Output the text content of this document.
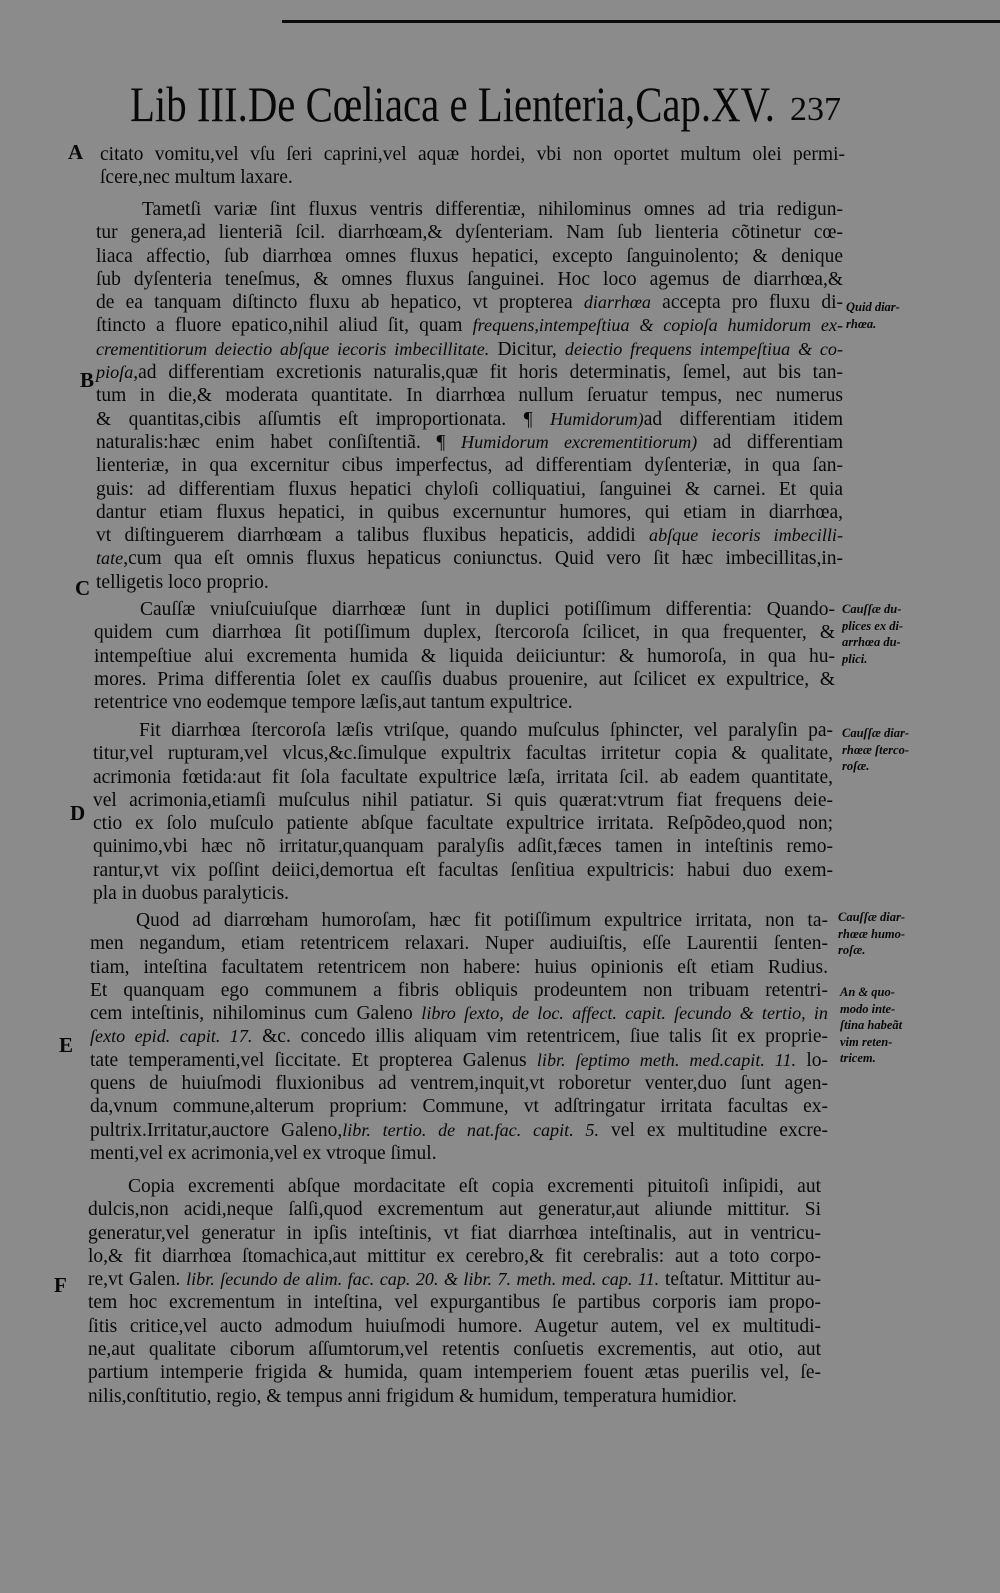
Lib III.De Cœliaca e Lienteria,Cap.XV. 237
A
B
C
D
E
F
citato vomitu,vel vſu ſeri caprini,vel aquæ hordei, vbi non oportet multum olei permi-
ſcere,nec multum laxare.
Tametſi variæ ſint fluxus ventris differentiæ, nihilominus omnes ad tria redigun-
tur genera,ad lienteriã ſcil. diarrhœam,& dyſenteriam. Nam ſub lienteria cõtinetur cœ-
liaca affectio, ſub diarrhœa omnes fluxus hepatici, excepto ſanguinolento; & denique
ſub dyſenteria teneſmus, & omnes fluxus ſanguinei. Hoc loco agemus de diarrhœa,&
de ea tanquam diſtincto fluxu ab hepatico, vt propterea diarrhœa accepta pro fluxu di-
ſtincto a fluore epatico,nihil aliud ſit, quam frequens,intempeſtiua & copioſa humidorum ex-
crementitiorum deiectio abſque iecoris imbecillitate. Dicitur, deiectio frequens intempeſtiua & co-
pioſa,ad differentiam excretionis naturalis,quæ fit horis determinatis, ſemel, aut bis tan-
tum in die,& moderata quantitate. In diarrhœa nullum ſeruatur tempus, nec numerus
& quantitas,cibis aſſumtis eſt improportionata. ¶ Humidorum)ad differentiam itidem
naturalis:hæc enim habet conſiſtentiã. ¶ Humidorum excrementitiorum) ad differentiam
lienteriæ, in qua excernitur cibus imperfectus, ad differentiam dyſenteriæ, in qua ſan-
guis: ad differentiam fluxus hepatici chyloſi colliquatiui, ſanguinei & carnei. Et quia
dantur etiam fluxus hepatici, in quibus excernuntur humores, qui etiam in diarrhœa,
vt diſtinguerem diarrhœam a talibus fluxibus hepaticis, addidi abſque iecoris imbecilli-
tate,cum qua eſt omnis fluxus hepaticus coniunctus. Quid vero ſit hæc imbecillitas,in-
telligetis loco proprio.
Cauſſæ vniuſcuiuſque diarrhœæ ſunt in duplici potiſſimum differentia: Quando-
quidem cum diarrhœa ſit potiſſimum duplex, ſtercoroſa ſcilicet, in qua frequenter, &
intempeſtiue alui excrementa humida & liquida deiiciuntur: & humoroſa, in qua hu-
mores. Prima differentia ſolet ex cauſſis duabus prouenire, aut ſcilicet ex expultrice, &
retentrice vno eodemque tempore læſis,aut tantum expultrice.
Fit diarrhœa ſtercoroſa læſis vtriſque, quando muſculus ſphincter, vel paralyſin pa-
titur,vel rupturam,vel vlcus,&c.ſimulque expultrix facultas irritetur copia & qualitate,
acrimonia fœtida:aut fit ſola facultate expultrice læſa, irritata ſcil. ab eadem quantitate,
vel acrimonia,etiamſi muſculus nihil patiatur. Si quis quærat:vtrum fiat frequens deie-
ctio ex ſolo muſculo patiente abſque facultate expultrice irritata. Reſpõdeo,quod non;
quinimo,vbi hæc nõ irritatur,quanquam paralyſis adſit,fæces tamen in inteſtinis remo-
rantur,vt vix poſſint deiici,demortua eſt facultas ſenſitiua expultricis: habui duo exem-
pla in duobus paralyticis.
Quod ad diarrœham humoroſam, hæc fit potiſſimum expultrice irritata, non ta-
men negandum, etiam retentricem relaxari. Nuper audiuiſtis, eſſe Laurentii ſenten-
tiam, inteſtina facultatem retentricem non habere: huius opinionis eſt etiam Rudius.
Et quanquam ego communem a fibris obliquis prodeuntem non tribuam retentri-
cem inteſtinis, nihilominus cum Galeno libro ſexto, de loc. affect. capit. ſecundo & tertio, in
ſexto epid. capit. 17. &c. concedo illis aliquam vim retentricem, ſiue talis ſit ex proprie-
tate temperamenti,vel ſiccitate. Et propterea Galenus libr. ſeptimo meth. med.capit. 11. lo-
quens de huiuſmodi fluxionibus ad ventrem,inquit,vt roboretur venter,duo ſunt agen-
da,vnum commune,alterum proprium: Commune, vt adſtringatur irritata facultas ex-
pultrix.Irritatur,auctore Galeno,libr. tertio. de nat.fac. capit. 5. vel ex multitudine excre-
menti,vel ex acrimonia,vel ex vtroque ſimul.
Copia excrementi abſque mordacitate eſt copia excrementi pituitoſi inſipidi, aut
dulcis,non acidi,neque ſalſi,quod excrementum aut generatur,aut aliunde mittitur. Si
generatur,vel generatur in ipſis inteſtinis, vt fiat diarrhœa inteſtinalis, aut in ventricu-
lo,& fit diarrhœa ſtomachica,aut mittitur ex cerebro,& fit cerebralis: aut a toto corpo-
re,vt Galen. libr. ſecundo de alim. fac. cap. 20. & libr. 7. meth. med. cap. 11. teſtatur. Mittitur au-
tem hoc excrementum in inteſtina, vel expurgantibus ſe partibus corporis iam propo-
ſitis critice,vel aucto admodum huiuſmodi humore. Augetur autem, vel ex multitudi-
ne,aut qualitate ciborum aſſumtorum,vel retentis conſuetis excrementis, aut otio, aut
partium intemperie frigida & humida, quam intemperiem fouent ætas puerilis vel, ſe-
nilis,conſtitutio, regio, & tempus anni frigidum & humidum, temperatura humidior.
Quid diar-
rhœa.
Cauſſæ du-
plices ex di-
arrhœa du-
plici.
Cauſſæ diar-
rhœæ ſterco-
roſæ.
Cauſſæ diar-
rhœæ humo-
roſæ.
An & quo-
modo inte-
ſtina habeãt
vim reten-
tricem.
